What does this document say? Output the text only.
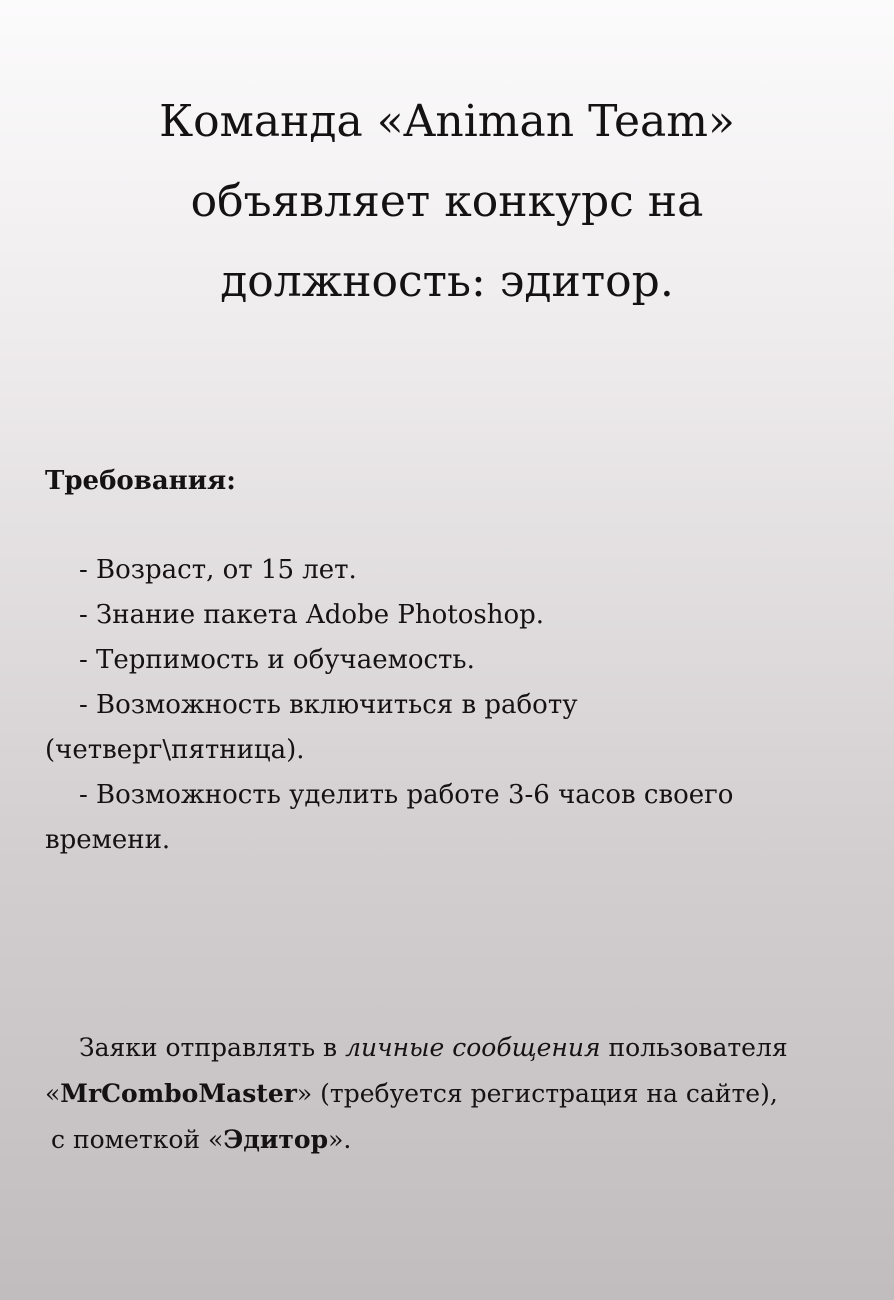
Команда «Animan Team»
объявляет конкурс на
должность: эдитор.
Требования:
- Возраст, от 15 лет.
- Знание пакета Adobe Photoshop.
- Терпимость и обучаемость.
- Возможность включиться в работу (четверг\пятница).
- Возможность уделить работе 3-6 часов своего времени.

Заяки отправлять в личные сообщения пользователя
«MrComboMaster» (требуется регистрация на сайте),
с пометкой «Эдитор».
